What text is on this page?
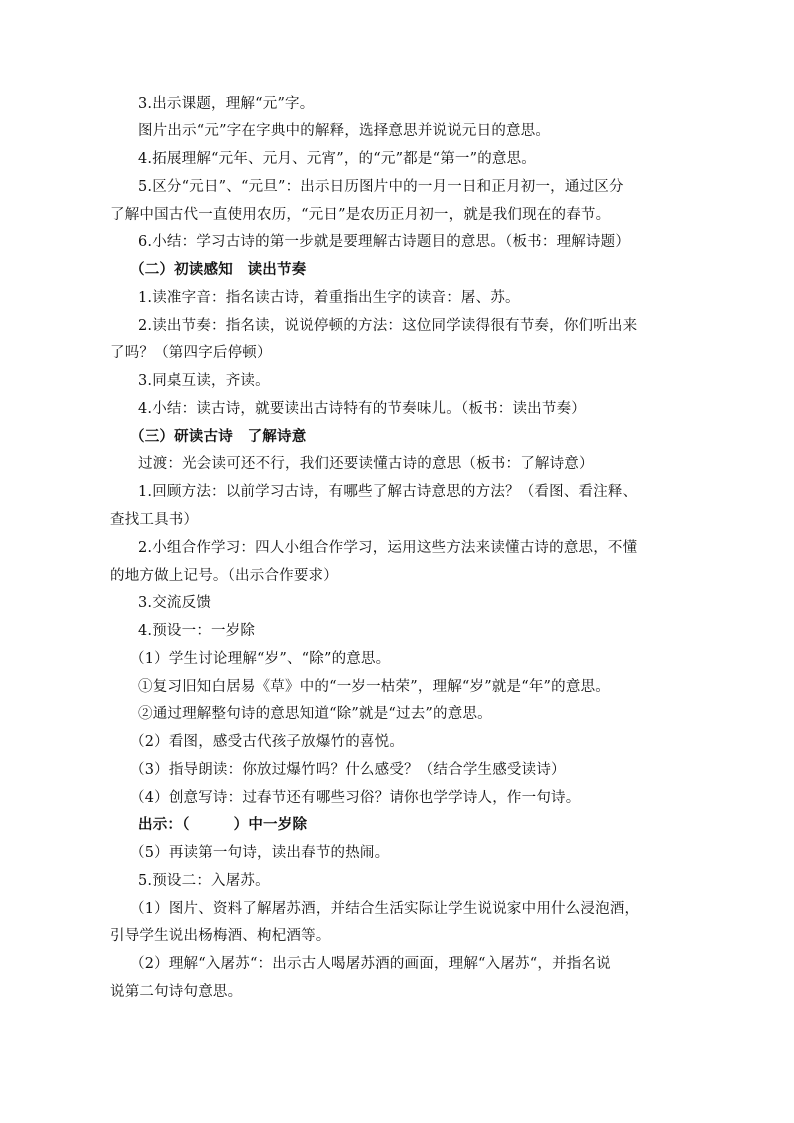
3.出示课题，理解“元”字。
图片出示“元”字在字典中的解释，选择意思并说说元日的意思。
4.拓展理解“元年、元月、元宵”，的“元”都是“第一”的意思。
5.区分“元日”、“元旦”：出示日历图片中的一月一日和正月初一，通过区分
了解中国古代一直使用农历，“元日”是农历正月初一，就是我们现在的春节。
6.小结：学习古诗的第一步就是要理解古诗题目的意思。（板书：理解诗题）
（二）初读感知　读出节奏
1.读准字音：指名读古诗，着重指出生字的读音：屠、苏。
2.读出节奏：指名读，说说停顿的方法：这位同学读得很有节奏，你们听出来
了吗？（第四字后停顿）
3.同桌互读，齐读。
4.小结：读古诗，就要读出古诗特有的节奏味儿。（板书：读出节奏）
（三）研读古诗　了解诗意
过渡：光会读可还不行，我们还要读懂古诗的意思（板书：了解诗意）
1.回顾方法：以前学习古诗，有哪些了解古诗意思的方法？（看图、看注释、
查找工具书）
2.小组合作学习：四人小组合作学习，运用这些方法来读懂古诗的意思，不懂
的地方做上记号。（出示合作要求）
3.交流反馈
4.预设一：一岁除
（1）学生讨论理解“岁”、“除”的意思。
①复习旧知白居易《草》中的“一岁一枯荣”，理解“岁”就是“年”的意思。
②通过理解整句诗的意思知道“除”就是“过去”的意思。
（2）看图，感受古代孩子放爆竹的喜悦。
（3）指导朗读：你放过爆竹吗？什么感受？（结合学生感受读诗）
（4）创意写诗：过春节还有哪些习俗？请你也学学诗人，作一句诗。
出示：（　　　）中一岁除
（5）再读第一句诗，读出春节的热闹。
5.预设二：入屠苏。
（1）图片、资料了解屠苏酒，并结合生活实际让学生说说家中用什么浸泡酒，
引导学生说出杨梅酒、枸杞酒等。
（2）理解“入屠苏“：出示古人喝屠苏酒的画面，理解“入屠苏“，并指名说
说第二句诗句意思。
